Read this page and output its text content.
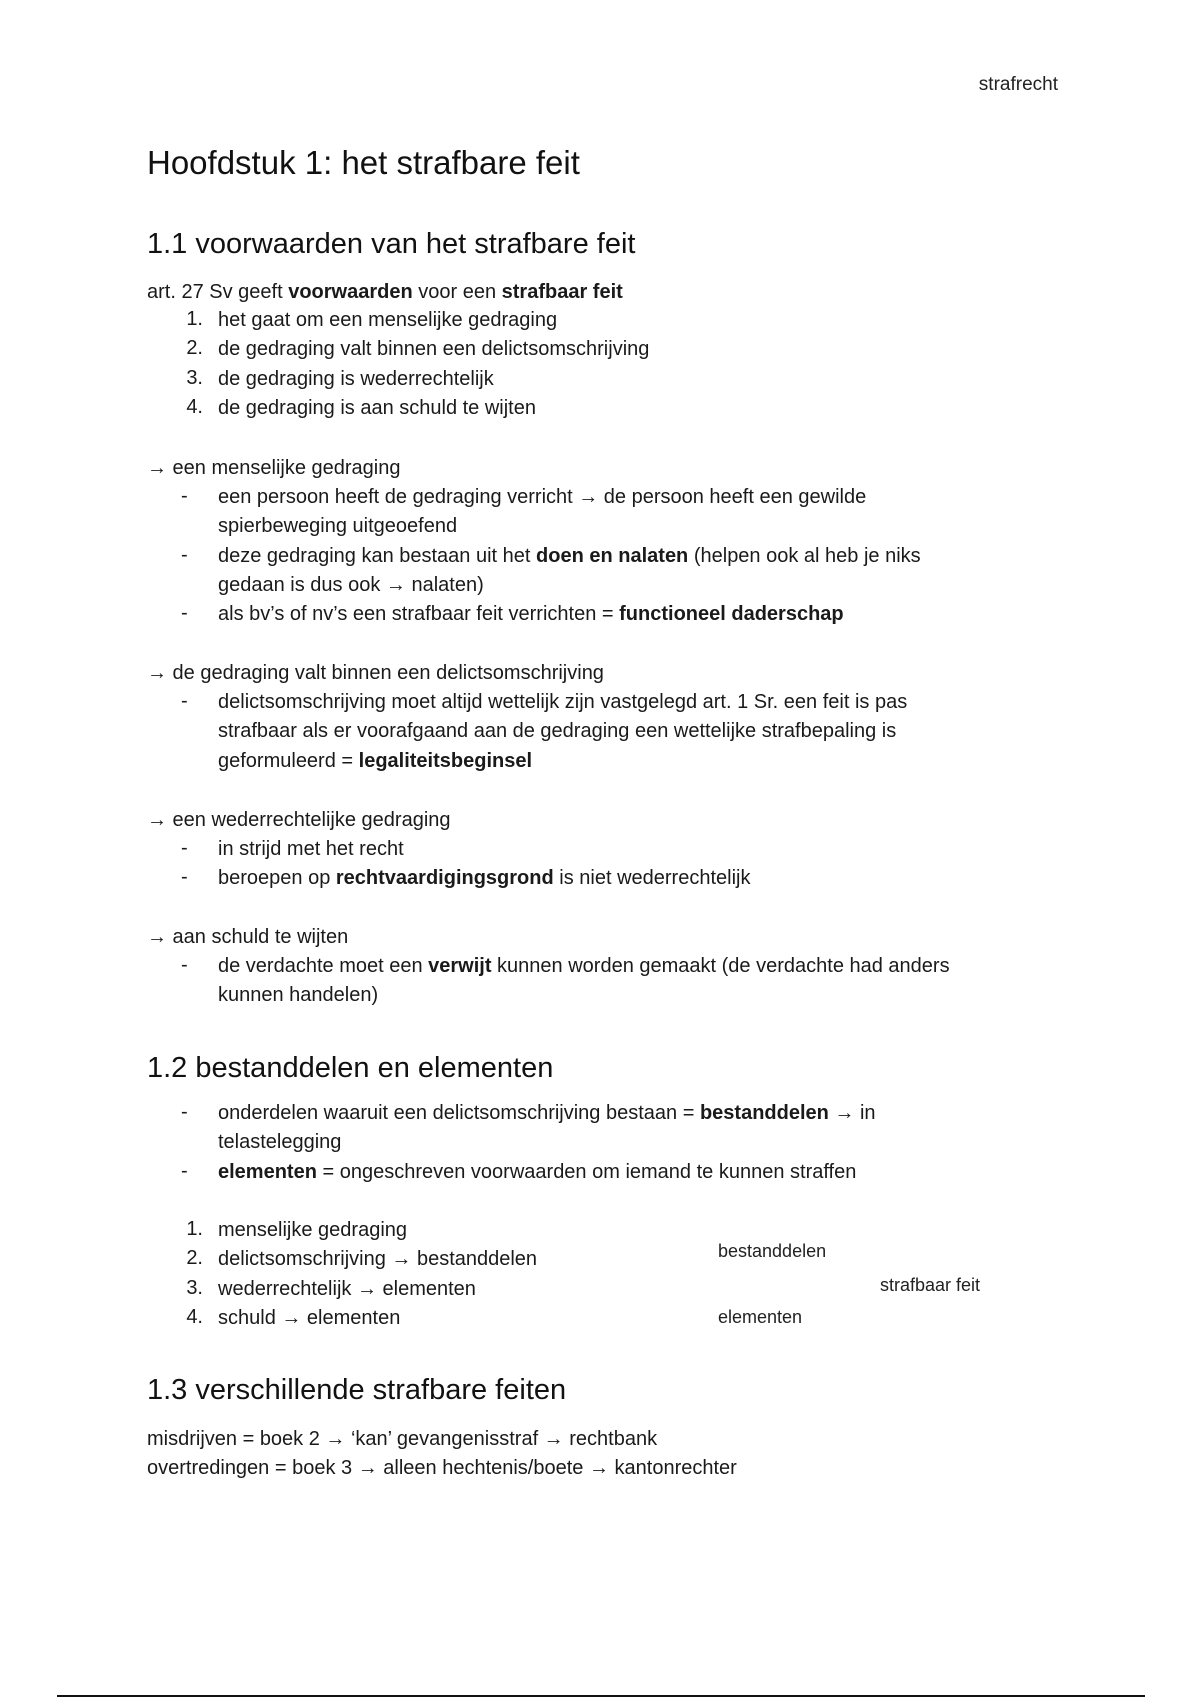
strafrecht
Hoofdstuk 1: het strafbare feit
1.1 voorwaarden van het strafbare feit
art. 27 Sv geeft voorwaarden voor een strafbaar feit
1. het gaat om een menselijke gedraging
2. de gedraging valt binnen een delictsomschrijving
3. de gedraging is wederrechtelijk
4. de gedraging is aan schuld te wijten
→ een menselijke gedraging
- een persoon heeft de gedraging verricht → de persoon heeft een gewilde
spierbeweging uitgeoefend
- deze gedraging kan bestaan uit het doen en nalaten (helpen ook al heb je niks
gedaan is dus ook → nalaten)
- als bv’s of nv’s een strafbaar feit verrichten = functioneel daderschap
→ de gedraging valt binnen een delictsomschrijving
- delictsomschrijving moet altijd wettelijk zijn vastgelegd art. 1 Sr. een feit is pas
strafbaar als er voorafgaand aan de gedraging een wettelijke strafbepaling is
geformuleerd = legaliteitsbeginsel
→ een wederrechtelijke gedraging
- in strijd met het recht
- beroepen op rechtvaardigingsgrond is niet wederrechtelijk
→ aan schuld te wijten
- de verdachte moet een verwijt kunnen worden gemaakt (de verdachte had anders
kunnen handelen)
1.2 bestanddelen en elementen
- onderdelen waaruit een delictsomschrijving bestaan = bestanddelen → in
telastelegging
- elementen = ongeschreven voorwaarden om iemand te kunnen straffen
1. menselijke gedraging
2. delictsomschrijving → bestanddelen
3. wederrechtelijk → elementen
4. schuld → elementen
bestanddelen
strafbaar feit
elementen
1.3 verschillende strafbare feiten
misdrijven = boek 2 → ‘kan’ gevangenisstraf → rechtbank
overtredingen = boek 3 → alleen hechtenis/boete → kantonrechter
